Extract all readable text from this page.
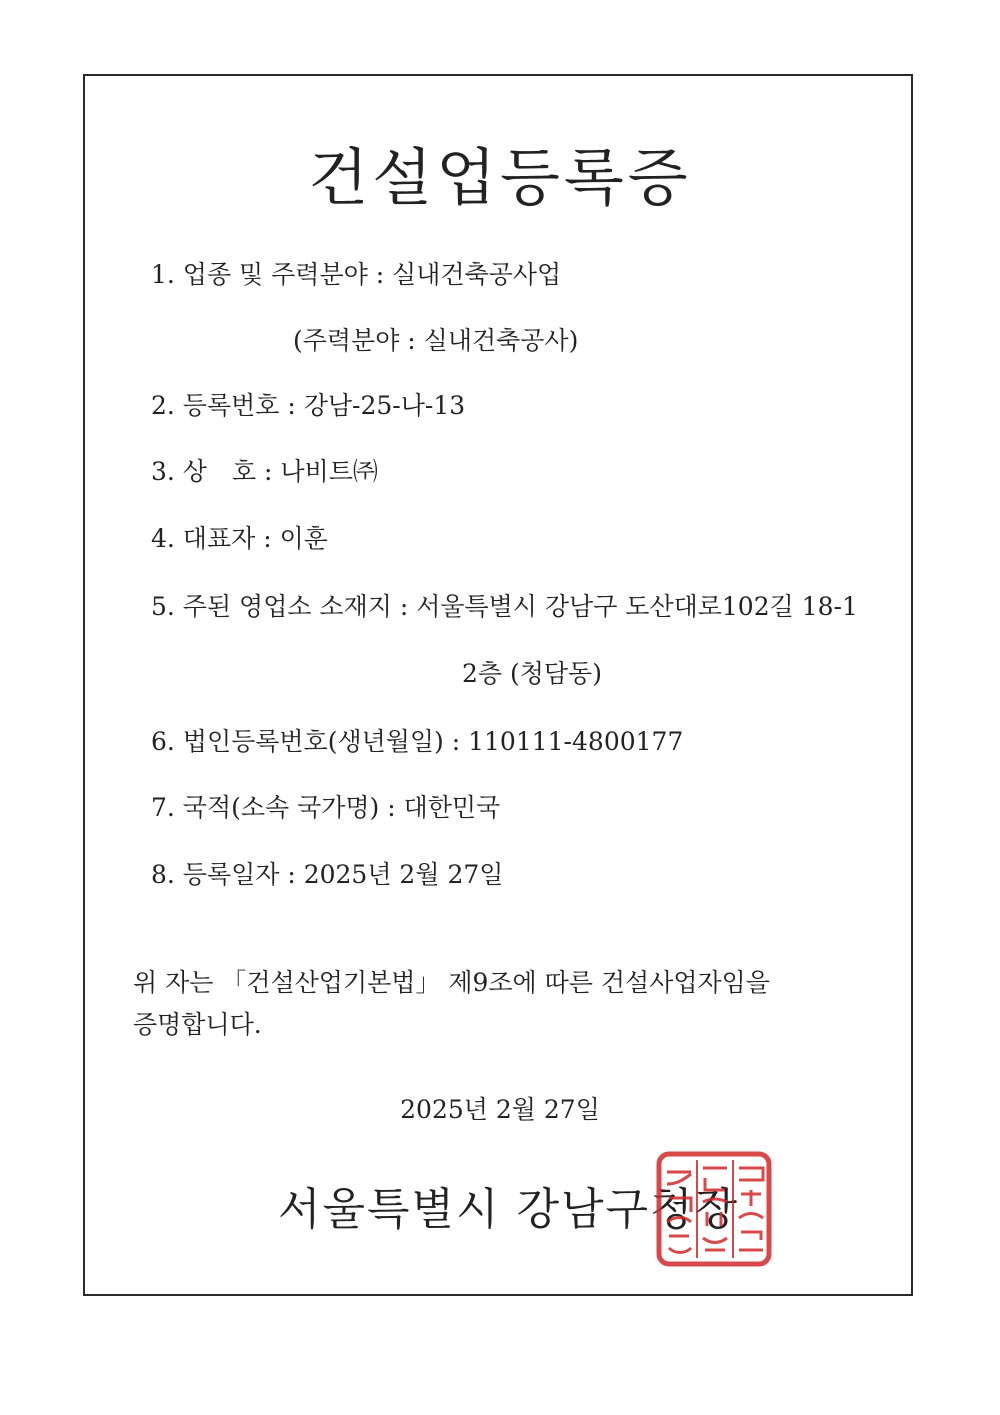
건설업등록증
1. 업종 및 주력분야 : 실내건축공사업
(주력분야 : 실내건축공사)
2. 등록번호 : 강남-25-나-13
3. 상　호 : 나비트㈜
4. 대표자 : 이훈
5. 주된 영업소 소재지 : 서울특별시 강남구 도산대로102길 18-1
2층 (청담동)
6. 법인등록번호(생년월일) : 110111-4800177
7. 국적(소속 국가명) : 대한민국
8. 등록일자 : 2025년 2월 27일
위 자는 「건설산업기본법」 제9조에 따른 건설사업자임을
증명합니다.
2025년 2월 27일
서울특별시 강남구청장
